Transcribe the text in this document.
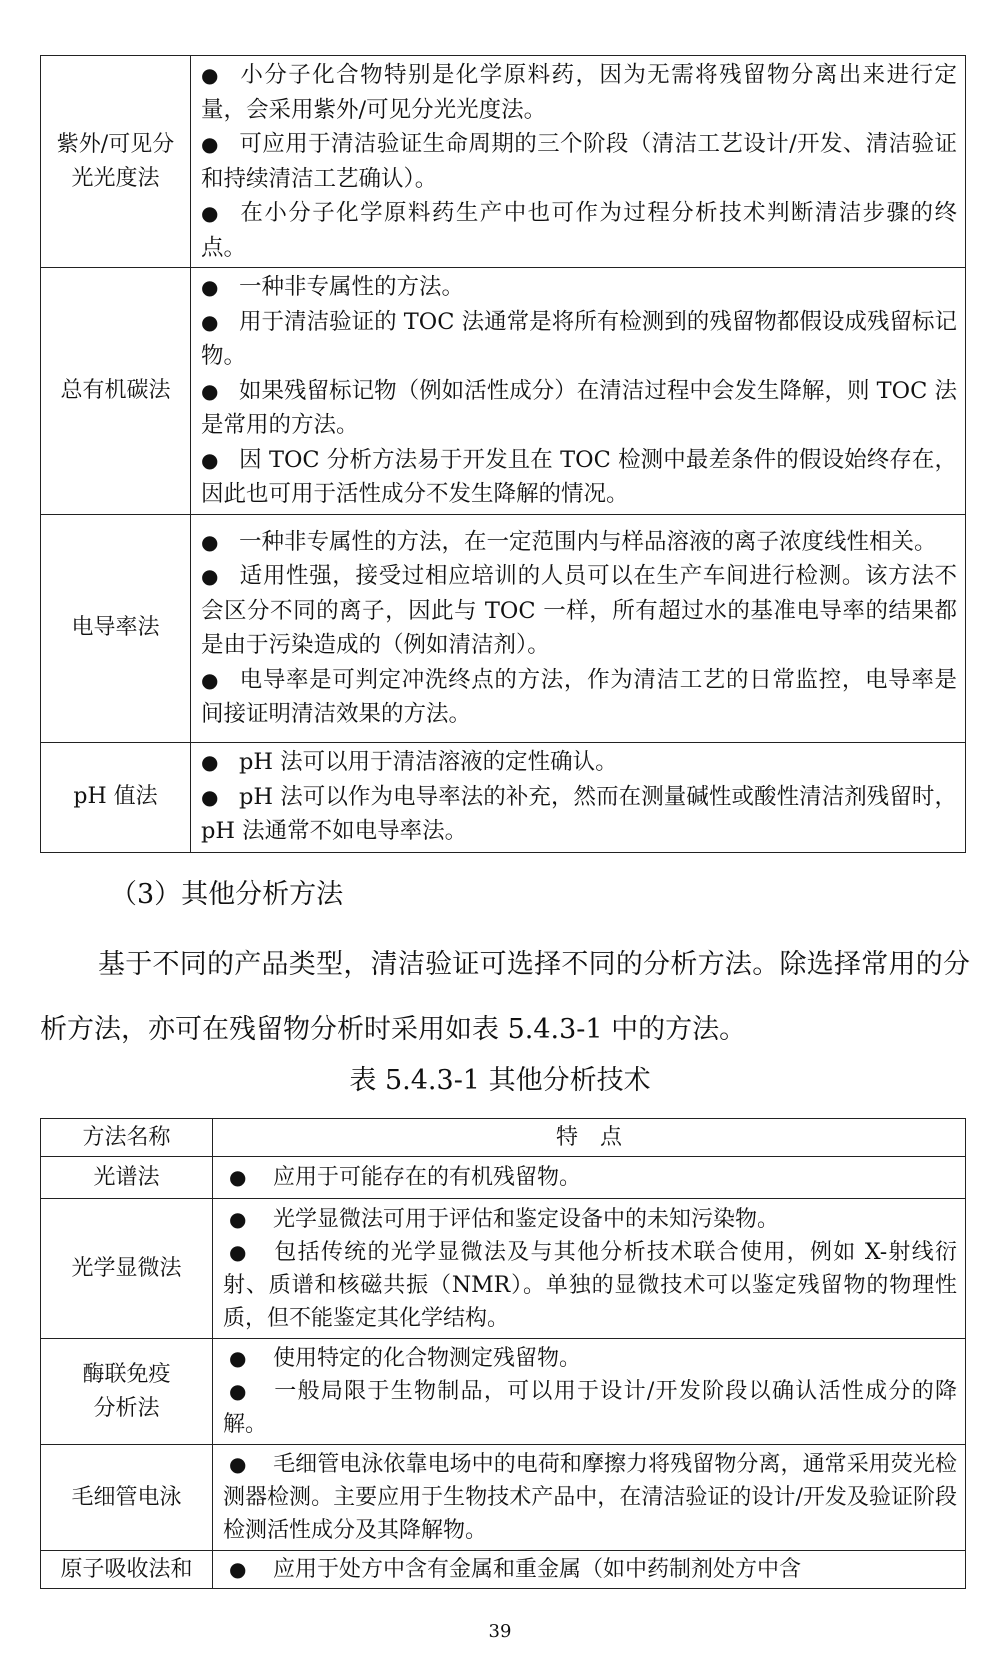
紫外/可见分光光度法	● 小分子化合物特别是化学原料药，因为无需将残留物分离出来进行定量，会采用紫外/可见分光光度法。
● 可应用于清洁验证生命周期的三个阶段（清洁工艺设计/开发、清洁验证和持续清洁工艺确认）。
● 在小分子化学原料药生产中也可作为过程分析技术判断清洁步骤的终点。

总有机碳法	● 一种非专属性的方法。
● 用于清洁验证的 TOC 法通常是将所有检测到的残留物都假设成残留标记物。
● 如果残留标记物（例如活性成分）在清洁过程中会发生降解，则 TOC 法是常用的方法。
● 因 TOC 分析方法易于开发且在 TOC 检测中最差条件的假设始终存在，因此也可用于活性成分不发生降解的情况。

电导率法	● 一种非专属性的方法，在一定范围内与样品溶液的离子浓度线性相关。
● 适用性强，接受过相应培训的人员可以在生产车间进行检测。该方法不会区分不同的离子，因此与 TOC 一样，所有超过水的基准电导率的结果都是由于污染造成的（例如清洁剂）。
● 电导率是可判定冲洗终点的方法，作为清洁工艺的日常监控，电导率是间接证明清洁效果的方法。

pH 值法	● pH 法可以用于清洁溶液的定性确认。
● pH 法可以作为电导率法的补充，然而在测量碱性或酸性清洁剂残留时，pH 法通常不如电导率法。
（3）其他分析方法
基于不同的产品类型，清洁验证可选择不同的分析方法。除选择常用的分析方法，亦可在残留物分析时采用如表 5.4.3-1 中的方法。
表 5.4.3-1 其他分析技术
方法名称	特　点
光谱法	● 应用于可能存在的有机残留物。

光学显微法	● 光学显微法可用于评估和鉴定设备中的未知污染物。
● 包括传统的光学显微法及与其他分析技术联合使用，例如 X-射线衍射、质谱和核磁共振（NMR）。单独的显微技术可以鉴定残留物的物理性质，但不能鉴定其化学结构。

酶联免疫分析法	● 使用特定的化合物测定残留物。
● 一般局限于生物制品，可以用于设计/开发阶段以确认活性成分的降解。

毛细管电泳	● 毛细管电泳依靠电场中的电荷和摩擦力将残留物分离，通常采用荧光检测器检测。主要应用于生物技术产品中，在清洁验证的设计/开发及验证阶段检测活性成分及其降解物。

原子吸收法和	● 应用于处方中含有金属和重金属（如中药制剂处方中含
39
